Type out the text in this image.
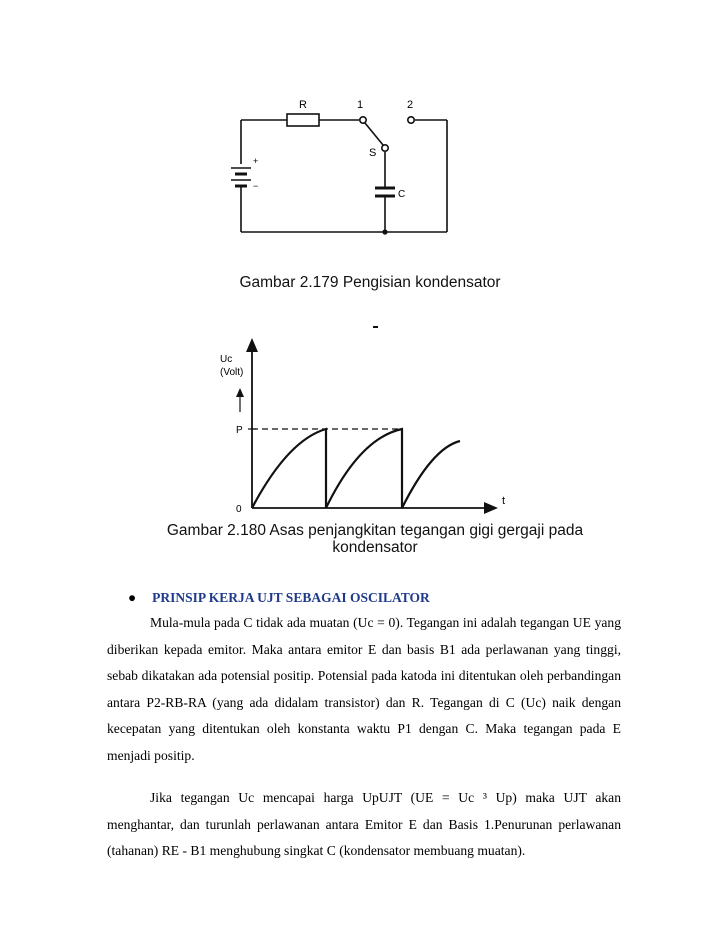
+
−
R	1	2
S
C
Gambar 2.179 Pengisian kondensator
Uc
(Volt)
P
0
t
Gambar 2.180 Asas penjangkitan tegangan gigi gergaji pada
kondensator
● PRINSIP KERJA UJT SEBAGAI OSCILATOR
Mula-mula pada C tidak ada muatan (Uc = 0). Tegangan ini adalah tegangan UE yang diberikan kepada emitor. Maka antara emitor E dan basis B1 ada perlawanan yang tinggi, sebab dikatakan ada potensial positip. Potensial pada katoda ini ditentukan oleh perbandingan antara P2-RB-RA (yang ada didalam transistor) dan R. Tegangan di C (Uc) naik dengan kecepatan yang ditentukan oleh konstanta waktu P1 dengan C. Maka tegangan pada E menjadi positip.
Jika tegangan Uc mencapai harga UpUJT (UE = Uc ³ Up) maka UJT akan menghantar, dan turunlah perlawanan antara Emitor E dan Basis 1.Penurunan perlawanan (tahanan) RE - B1 menghubung singkat C (kondensator membuang muatan).
